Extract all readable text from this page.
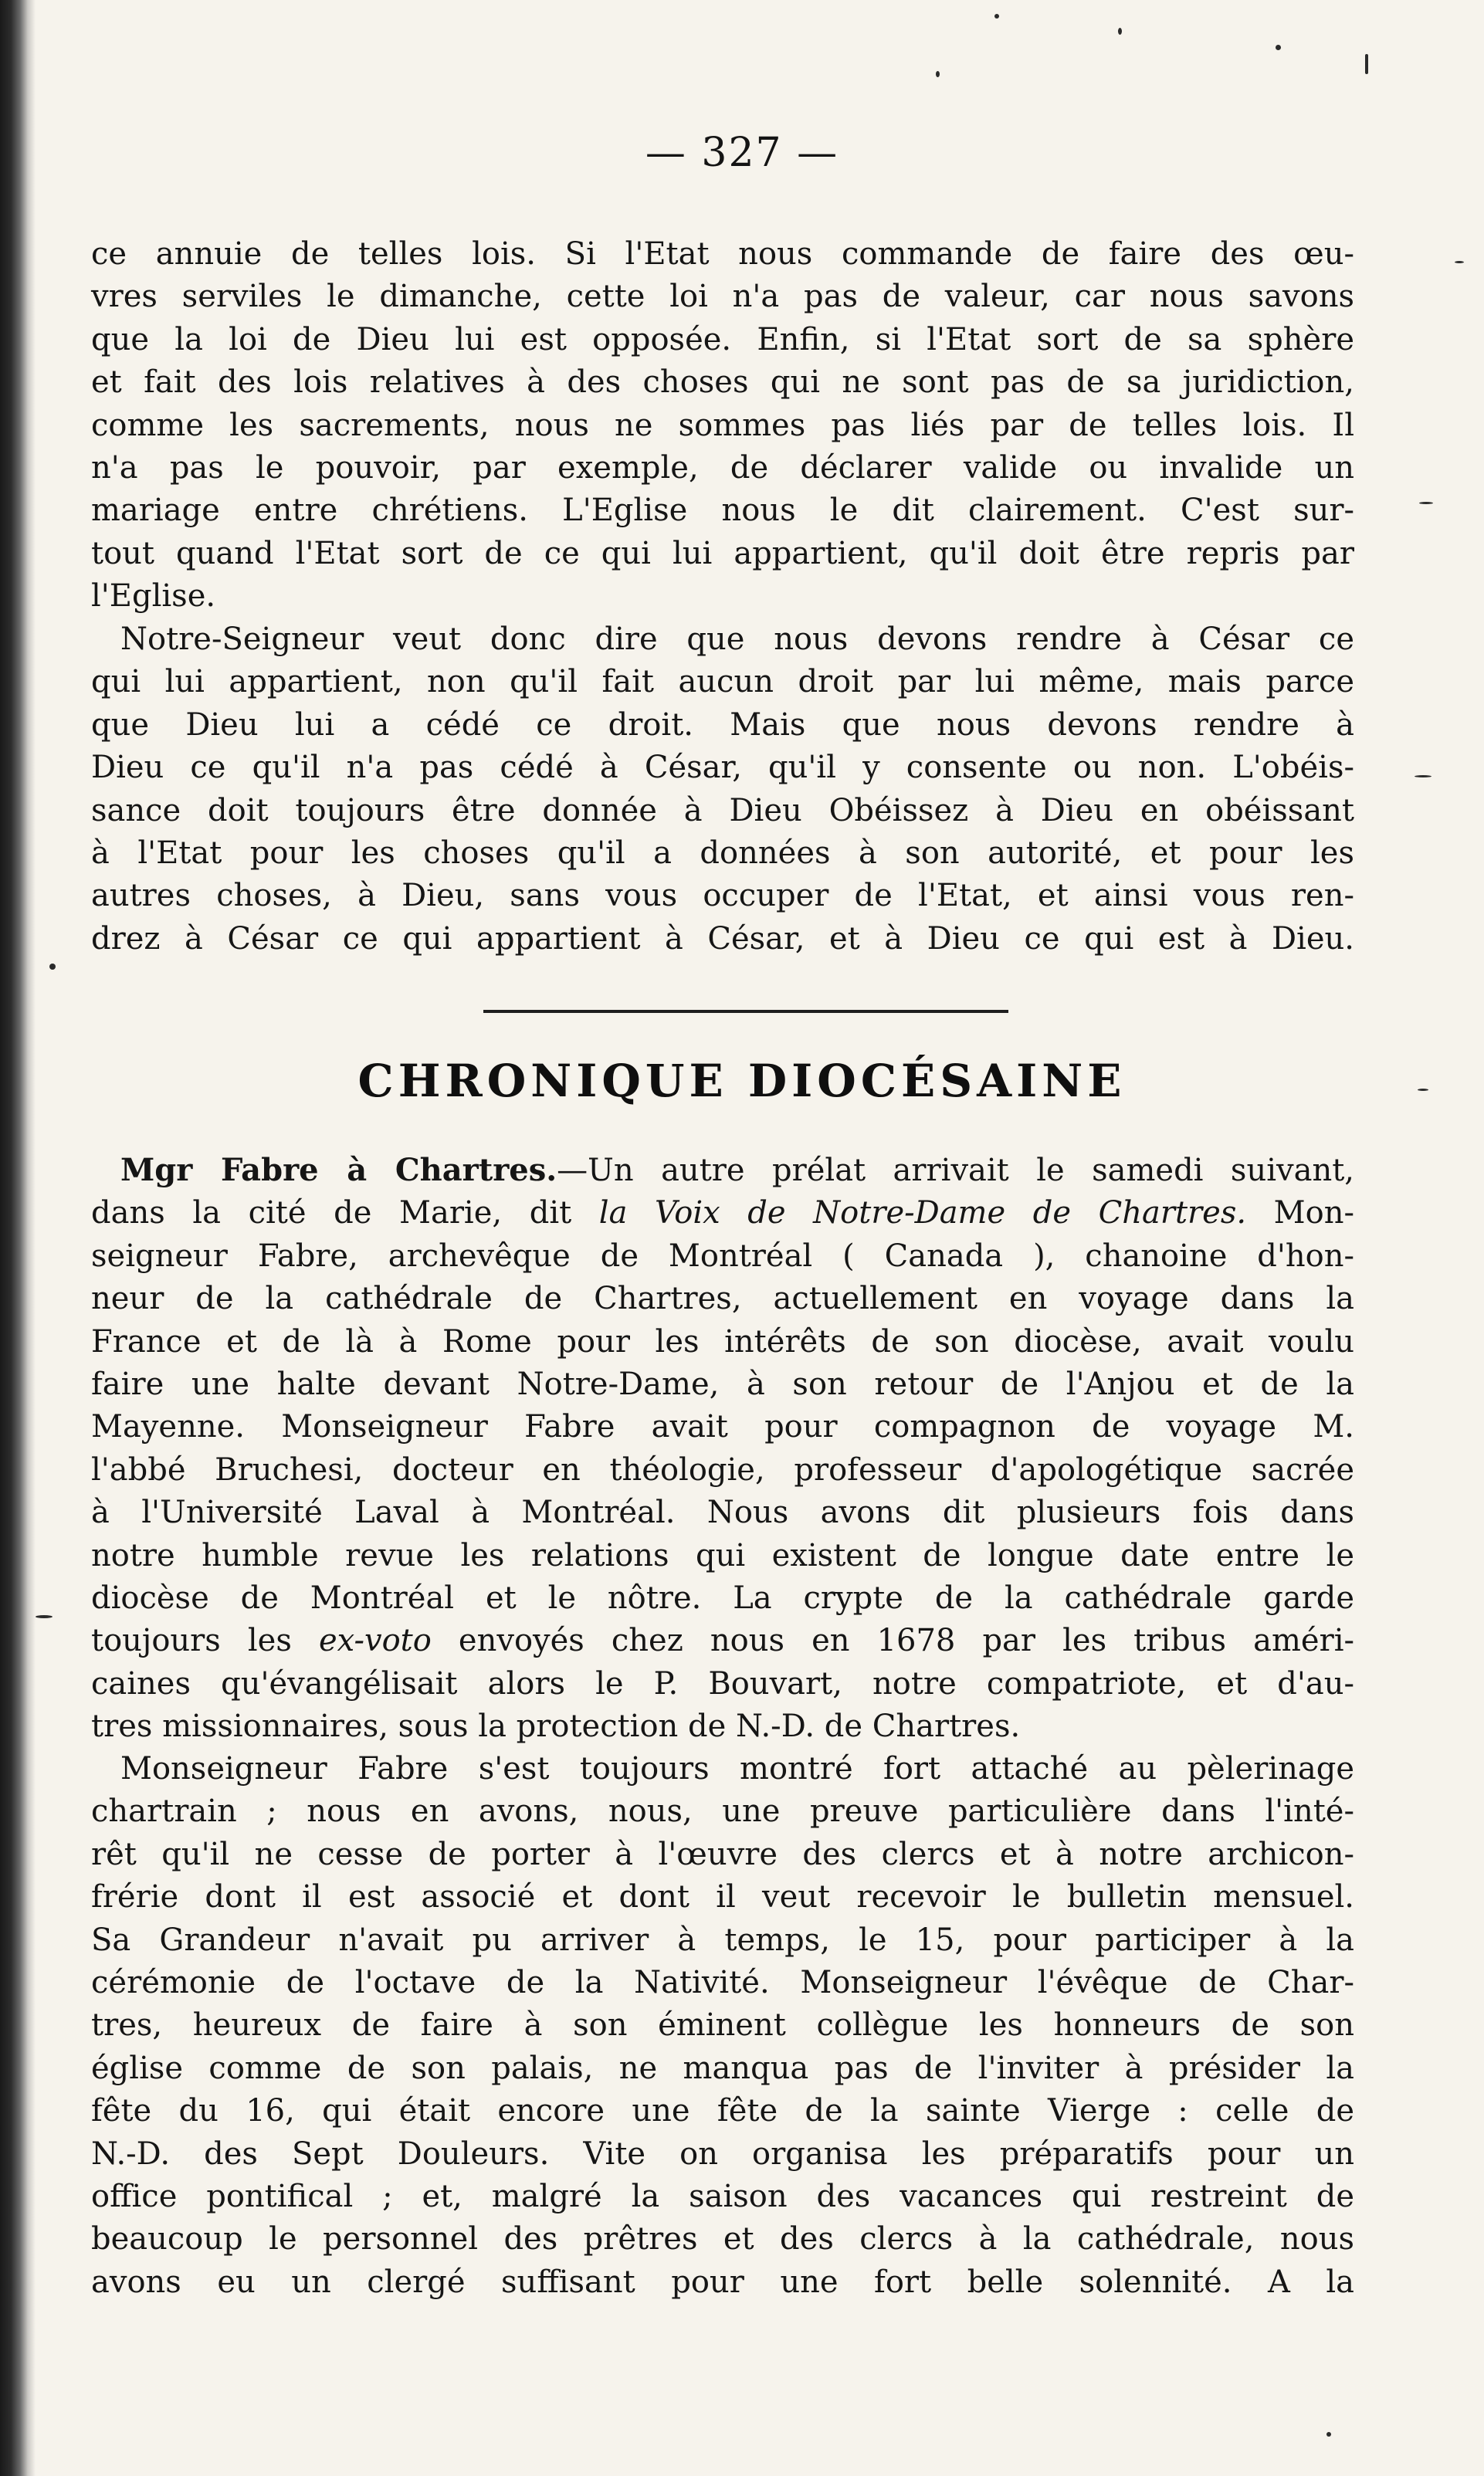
— 327 —
ce annuie de telles lois. Si l'Etat nous commande de faire des œu-
vres serviles le dimanche, cette loi n'a pas de valeur, car nous savons
que la loi de Dieu lui est opposée. Enfin, si l'Etat sort de sa sphère
et fait des lois relatives à des choses qui ne sont pas de sa juridiction,
comme les sacrements, nous ne sommes pas liés par de telles lois. Il
n'a pas le pouvoir, par exemple, de déclarer valide ou invalide un
mariage entre chrétiens. L'Eglise nous le dit clairement. C'est sur-
tout quand l'Etat sort de ce qui lui appartient, qu'il doit être repris par
l'Eglise.
Notre-Seigneur veut donc dire que nous devons rendre à César ce
qui lui appartient, non qu'il fait aucun droit par lui même, mais parce
que Dieu lui a cédé ce droit. Mais que nous devons rendre à
Dieu ce qu'il n'a pas cédé à César, qu'il y consente ou non. L'obéis-
sance doit toujours être donnée à Dieu Obéissez à Dieu en obéissant
à l'Etat pour les choses qu'il a données à son autorité, et pour les
autres choses, à Dieu, sans vous occuper de l'Etat, et ainsi vous ren-
drez à César ce qui appartient à César, et à Dieu ce qui est à Dieu.
CHRONIQUE DIOCÉSAINE
Mgr Fabre à Chartres.—Un autre prélat arrivait le samedi suivant,
dans la cité de Marie, dit la Voix de Notre-Dame de Chartres. Mon-
seigneur Fabre, archevêque de Montréal ( Canada ), chanoine d'hon-
neur de la cathédrale de Chartres, actuellement en voyage dans la
France et de là à Rome pour les intérêts de son diocèse, avait voulu
faire une halte devant Notre-Dame, à son retour de l'Anjou et de la
Mayenne. Monseigneur Fabre avait pour compagnon de voyage M.
l'abbé Bruchesi, docteur en théologie, professeur d'apologétique sacrée
à l'Université Laval à Montréal. Nous avons dit plusieurs fois dans
notre humble revue les relations qui existent de longue date entre le
diocèse de Montréal et le nôtre. La crypte de la cathédrale garde
toujours les ex-voto envoyés chez nous en 1678 par les tribus améri-
caines qu'évangélisait alors le P. Bouvart, notre compatriote, et d'au-
tres missionnaires, sous la protection de N.-D. de Chartres.
Monseigneur Fabre s'est toujours montré fort attaché au pèlerinage
chartrain ; nous en avons, nous, une preuve particulière dans l'inté-
rêt qu'il ne cesse de porter à l'œuvre des clercs et à notre archicon-
frérie dont il est associé et dont il veut recevoir le bulletin mensuel.
Sa Grandeur n'avait pu arriver à temps, le 15, pour participer à la
cérémonie de l'octave de la Nativité. Monseigneur l'évêque de Char-
tres, heureux de faire à son éminent collègue les honneurs de son
église comme de son palais, ne manqua pas de l'inviter à présider la
fête du 16, qui était encore une fête de la sainte Vierge : celle de
N.-D. des Sept Douleurs. Vite on organisa les préparatifs pour un
office pontifical ; et, malgré la saison des vacances qui restreint de
beaucoup le personnel des prêtres et des clercs à la cathédrale, nous
avons eu un clergé suffisant pour une fort belle solennité. A la
